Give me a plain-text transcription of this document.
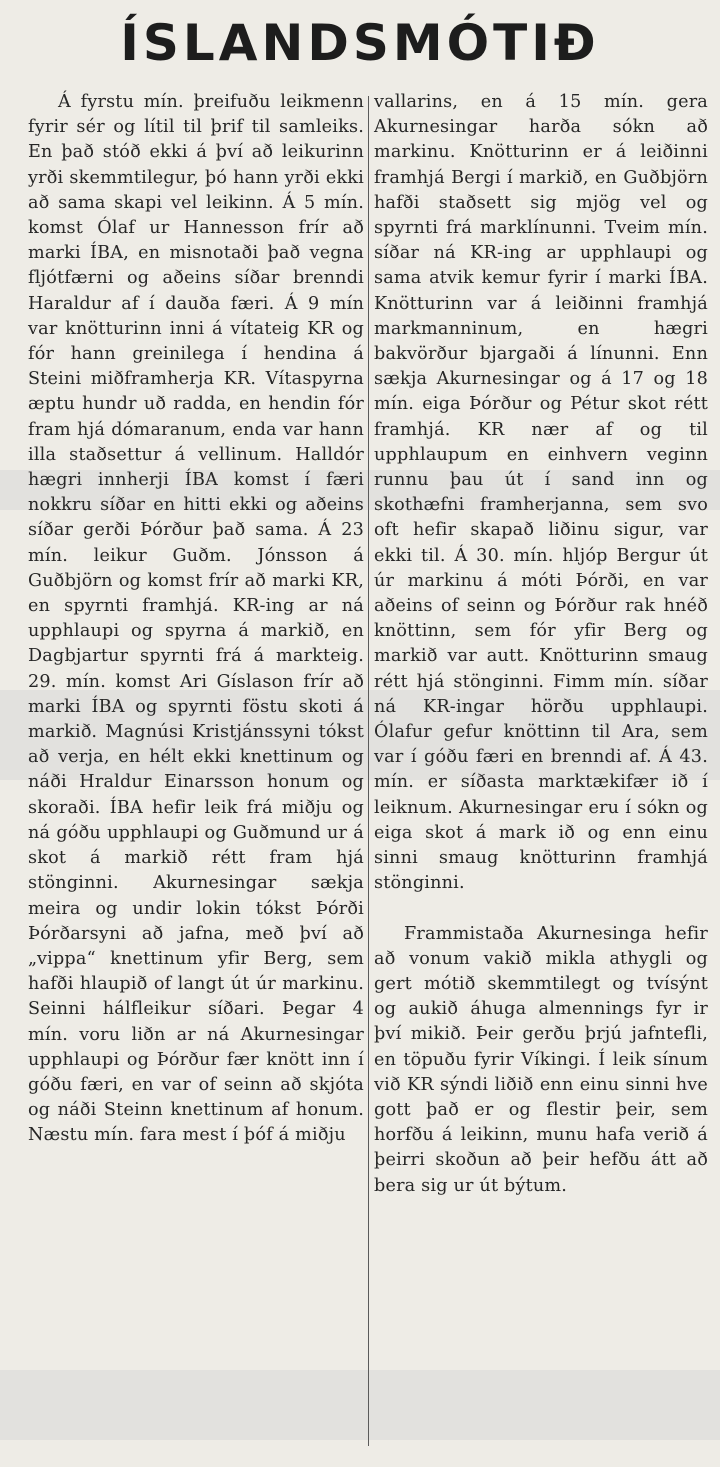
ÍSLANDSMÓTIÐ

Á fyrstu mín. þreifuðu leikmenn fyrir sér og lítil til þrif til samleiks. En það stóð ekki á því að leikurinn yrði skemmtilegur, þó hann yrði ekki að sama skapi vel leikinn. Á 5 mín. komst Ólaf ur Hannesson frír að marki ÍBA, en misnotaði það vegna fljótfærni og aðeins síðar brenndi Haraldur af í dauða færi. Á 9 mín var knötturinn inni á vítateig KR og fór hann greinilega í hendina á Steini miðframherja KR. Vítaspyrna æptu hundr uð radda, en hendin fór fram hjá dómaranum, enda var hann illa staðsettur á vellinum. Halldór hægri innherji ÍBA komst í færi nokkru síðar en hitti ekki og aðeins síðar gerði Þórður það sama. Á 23 mín. leikur Guðm. Jónsson á Guðbjörn og komst frír að marki KR, en spyrnti framhjá. KR-ing ar ná upphlaupi og spyrna á markið, en Dagbjartur spyrnti frá á markteig. 29. mín. komst Ari Gíslason frír að marki ÍBA og spyrnti föstu skoti á markið. Magnúsi Kristjánssyni tókst að verja, en hélt ekki knettinum og náði Hraldur Einarsson honum og skoraði. ÍBA hefir leik frá miðju og ná góðu upphlaupi og Guðmund ur á skot á markið rétt fram hjá stönginni. Akurnesingar sækja meira og undir lokin tókst Þórði Þórðarsyni að jafna, með því að „vippa“ knettinum yfir Berg, sem hafði hlaupið of langt út úr markinu. Seinni hálfleikur síðari. Þegar 4 mín. voru liðn ar ná Akurnesingar upphlaupi og Þórður fær knött inn í góðu færi, en var of seinn að skjóta og náði Steinn knettinum af honum. Næstu mín. fara mest í þóf á miðju

vallarins, en á 15 mín. gera Akurnesingar harða sókn að markinu. Knötturinn er á leiðinni framhjá Bergi í markið, en Guðbjörn hafði staðsett sig mjög vel og spyrnti frá marklínunni. Tveim mín. síðar ná KR-ing ar upphlaupi og sama atvik kemur fyrir í marki ÍBA. Knötturinn var á leiðinni framhjá markmanninum, en hægri bakvörður bjargaði á línunni. Enn sækja Akurnesingar og á 17 og 18 mín. eiga Þórður og Pétur skot rétt framhjá. KR nær af og til upphlaupum en einhvern veginn runnu þau út í sand inn og skothæfni framherjanna, sem svo oft hefir skapað liðinu sigur, var ekki til. Á 30. mín. hljóp Bergur út úr markinu á móti Þórði, en var aðeins of seinn og Þórður rak hnéð knöttinn, sem fór yfir Berg og markið var autt. Knötturinn smaug rétt hjá stönginni. Fimm mín. síðar ná KR-ingar hörðu upphlaupi. Ólafur gefur knöttinn til Ara, sem var í góðu færi en brenndi af. Á 43. mín. er síðasta marktækifær ið í leiknum. Akurnesingar eru í sókn og eiga skot á mark ið og enn einu sinni smaug knötturinn framhjá stönginni.

Frammistaða Akurnesinga hefir að vonum vakið mikla athygli og gert mótið skemmtilegt og tvísýnt og aukið áhuga almennings fyr ir því mikið. Þeir gerðu þrjú jafntefli, en töpuðu fyrir Víkingi. Í leik sínum við KR sýndi liðið enn einu sinni hve gott það er og flestir þeir, sem horfðu á leikinn, munu hafa verið á þeirri skoðun að þeir hefðu átt að bera sig ur út býtum.
